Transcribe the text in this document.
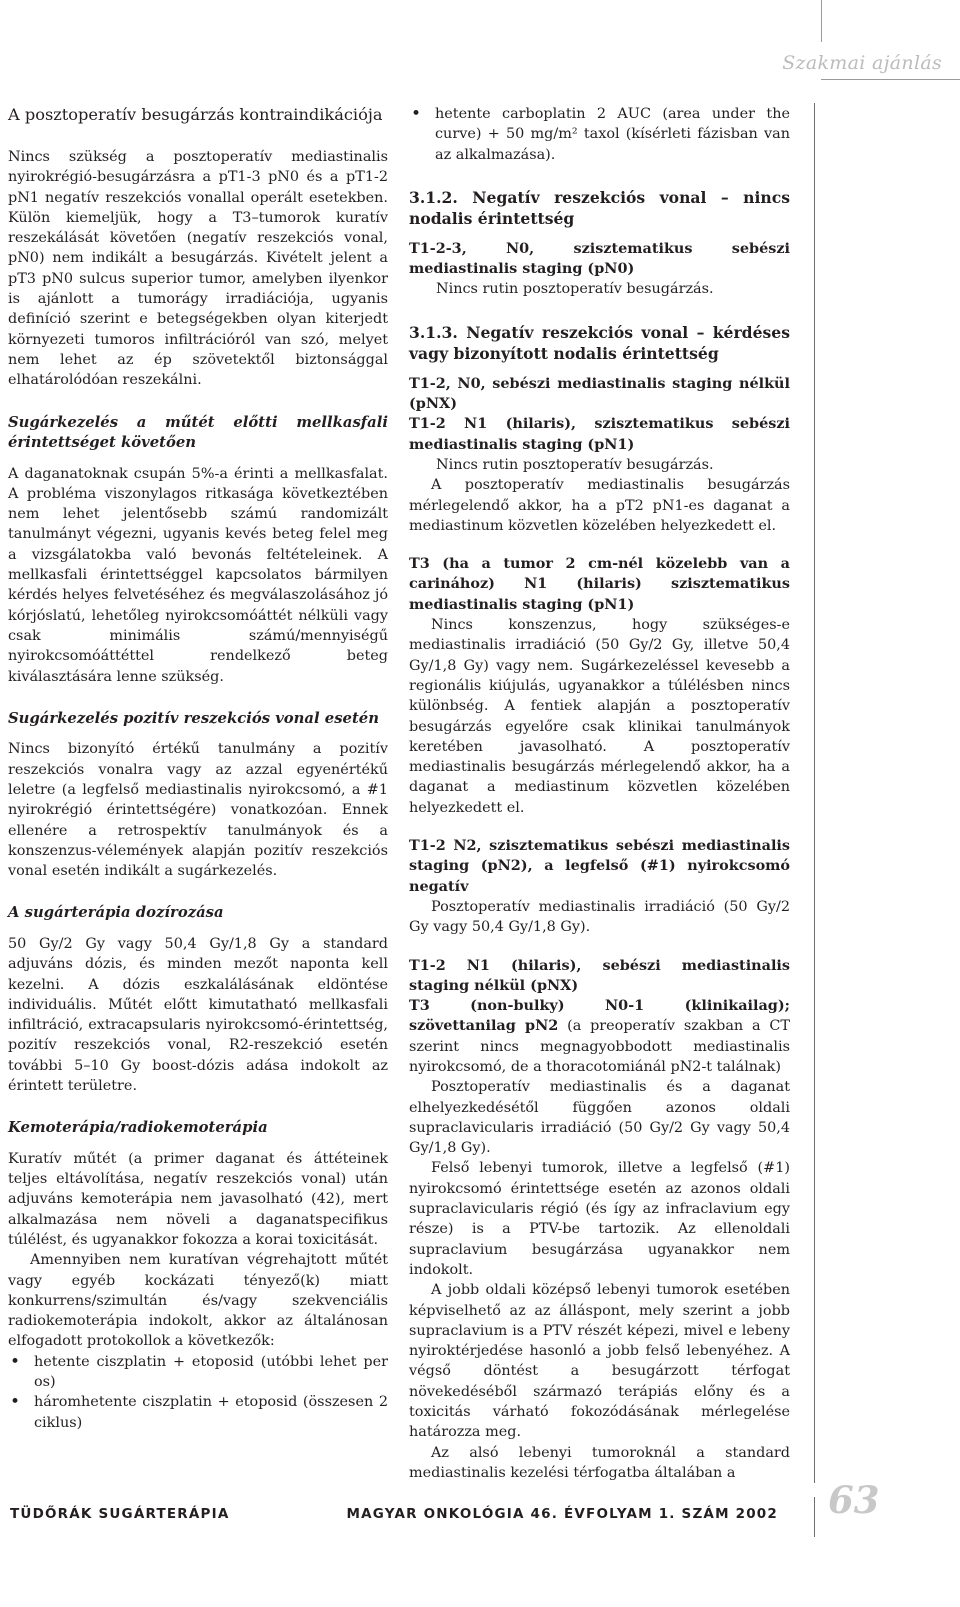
Szakmai ajánlás
A posztoperatív besugárzás kontraindikációja

Nincs szükség a posztoperatív mediastinalis nyirokrégió-besugárzásra a pT1-3 pN0 és a pT1-2 pN1 negatív reszekciós vonallal operált esetekben. Külön kiemeljük, hogy a T3–tumorok kuratív reszekálását követően (negatív reszekciós vonal, pN0) nem indikált a besugárzás. Kivételt jelent a pT3 pN0 sulcus superior tumor, amelyben ilyenkor is ajánlott a tumorágy irradiációja, ugyanis definíció szerint e betegségekben olyan kiterjedt környezeti tumoros infiltrációról van szó, melyet nem lehet az ép szövetektől biztonsággal elhatárolódóan reszekálni.

Sugárkezelés a műtét előtti mellkasfali érintettséget követően

A daganatoknak csupán 5%-a érinti a mellkasfalat. A probléma viszonylagos ritkasága következtében nem lehet jelentősebb számú randomizált tanulmányt végezni, ugyanis kevés beteg felel meg a vizsgálatokba való bevonás feltételeinek. A mellkasfali érintettséggel kapcsolatos bármilyen kérdés helyes felvetéséhez és megválaszolásához jó kórjóslatú, lehetőleg nyirokcsomóáttét nélküli vagy csak minimális számú/mennyiségű nyirokcsomóáttéttel rendelkező beteg kiválasztására lenne szükség.

Sugárkezelés pozitív reszekciós vonal esetén

Nincs bizonyító értékű tanulmány a pozitív reszekciós vonalra vagy az azzal egyenértékű leletre (a legfelső mediastinalis nyirokcsomó, a #1 nyirokrégió érintettségére) vonatkozóan. Ennek ellenére a retrospektív tanulmányok és a konszenzus-vélemények alapján pozitív reszekciós vonal esetén indikált a sugárkezelés.

A sugárterápia dozírozása

50 Gy/2 Gy vagy 50,4 Gy/1,8 Gy a standard adjuváns dózis, és minden mezőt naponta kell kezelni. A dózis eszkalálásának eldöntése individuális. Műtét előtt kimutatható mellkasfali infiltráció, extracapsularis nyirokcsomó-érintettség, pozitív reszekciós vonal, R2-reszekció esetén további 5–10 Gy boost-dózis adása indokolt az érintett területre.

Kemoterápia/radiokemoterápia

Kuratív műtét (a primer daganat és áttéteinek teljes eltávolítása, negatív reszekciós vonal) után adjuváns kemoterápia nem javasolható (42), mert alkalmazása nem növeli a daganatspecifikus túlélést, és ugyanakkor fokozza a korai toxicitását.

Amennyiben nem kuratívan végrehajtott műtét vagy egyéb kockázati tényező(k) miatt konkurrens/szimultán és/vagy szekvenciális radiokemoterápia indokolt, akkor az általánosan elfogadott protokollok a következők:

• hetente ciszplatin + etoposid (utóbbi lehet per os)
• háromhetente ciszplatin + etoposid (összesen 2 ciklus)
• hetente carboplatin 2 AUC (area under the curve) + 50 mg/m² taxol (kísérleti fázisban van az alkalmazása).
3.1.2. Negatív reszekciós vonal – nincs nodalis érintettség

T1-2-3, N0, szisztematikus sebészi mediastinalis staging (pN0)

Nincs rutin posztoperatív besugárzás.

3.1.3. Negatív reszekciós vonal – kérdéses vagy bizonyított nodalis érintettség

T1-2, N0, sebészi mediastinalis staging nélkül (pNX)

T1-2 N1 (hilaris), szisztematikus sebészi mediastinalis staging (pN1)

Nincs rutin posztoperatív besugárzás.

A posztoperatív mediastinalis besugárzás mérlegelendő akkor, ha a pT2 pN1-es daganat a mediastinum közvetlen közelében helyezkedett el.

T3 (ha a tumor 2 cm-nél közelebb van a carinához) N1 (hilaris) szisztematikus mediastinalis staging (pN1)

Nincs konszenzus, hogy szükséges-e mediastinalis irradiáció (50 Gy/2 Gy, illetve 50,4 Gy/1,8 Gy) vagy nem. Sugárkezeléssel kevesebb a regionális kiújulás, ugyanakkor a túlélésben nincs különbség. A fentiek alapján a posztoperatív besugárzás egyelőre csak klinikai tanulmányok keretében javasolható. A posztoperatív mediastinalis besugárzás mérlegelendő akkor, ha a daganat a mediastinum közvetlen közelében helyezkedett el.

T1-2 N2, szisztematikus sebészi mediastinalis staging (pN2), a legfelső (#1) nyirokcsomó negatív

Posztoperatív mediastinalis irradiáció (50 Gy/2 Gy vagy 50,4 Gy/1,8 Gy).

T1-2 N1 (hilaris), sebészi mediastinalis staging nélkül (pNX)

T3 (non-bulky) N0-1 (klinikailag); szövettanilag pN2 (a preoperatív szakban a CT szerint nincs megnagyobbodott mediastinalis nyirokcsomó, de a thoracotomiánál pN2-t találnak)

Posztoperatív mediastinalis és a daganat elhelyezkedésétől függően azonos oldali supraclavicularis irradiáció (50 Gy/2 Gy vagy 50,4 Gy/1,8 Gy).

Felső lebenyi tumorok, illetve a legfelső (#1) nyirokcsomó érintettsége esetén az azonos oldali supraclavicularis régió (és így az infraclavium egy része) is a PTV-be tartozik. Az ellenoldali supraclavium besugárzása ugyanakkor nem indokolt.

A jobb oldali középső lebenyi tumorok esetében képviselhető az az álláspont, mely szerint a jobb supraclavium is a PTV részét képezi, mivel e lebeny nyiroktérjedése hasonló a jobb felső lebenyéhez. A végső döntést a besugárzott térfogat növekedéséből származó terápiás előny és a toxicitás várható fokozódásának mérlegelése határozza meg.

Az alsó lebenyi tumoroknál a standard mediastinalis kezelési térfogatba általában a

TÜDŐRÁK SUGÁRTERÁPIA	MAGYAR ONKOLÓGIA 46. ÉVFOLYAM 1. SZÁM 2002 63
